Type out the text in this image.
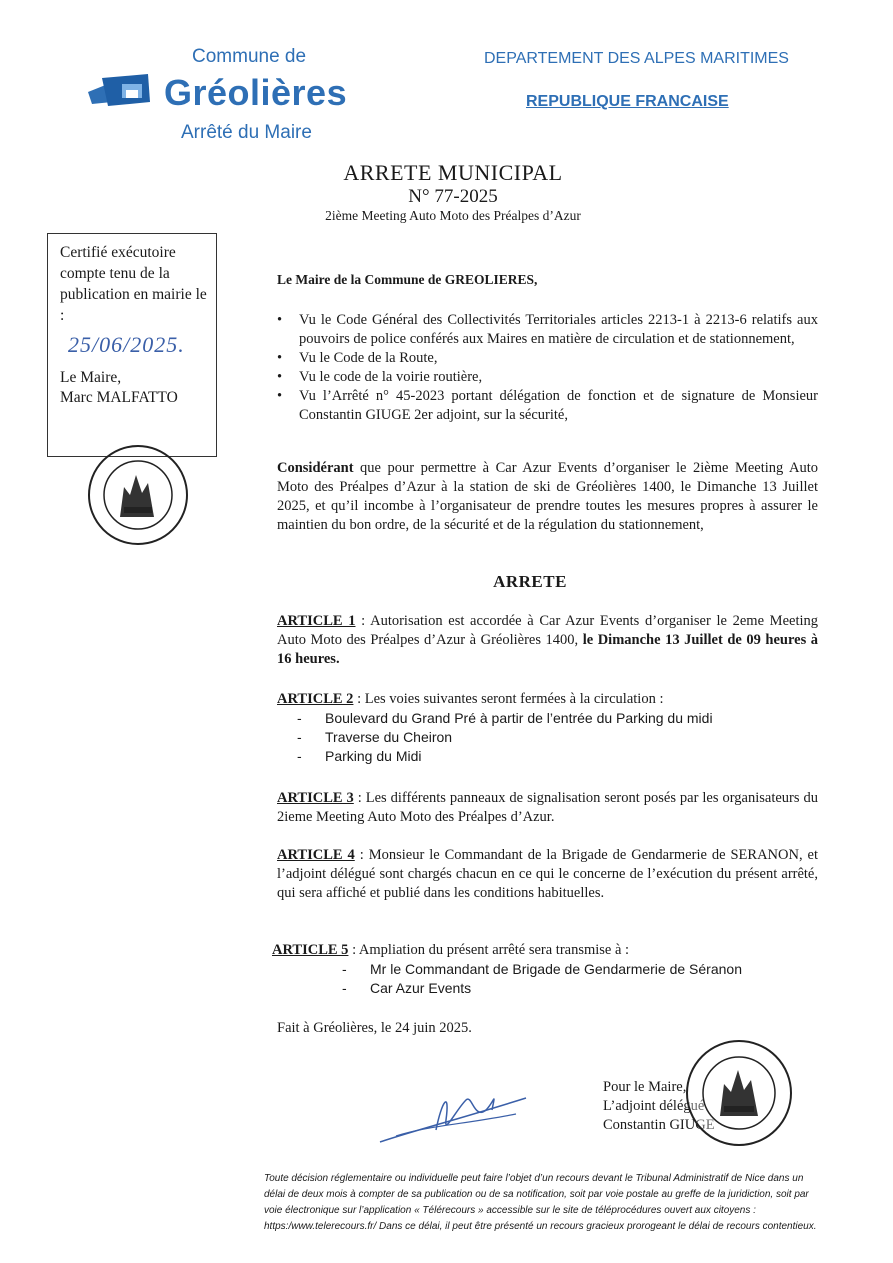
Commune de
Gréolières
Arrêté du Maire
DEPARTEMENT DES ALPES MARITIMES
REPUBLIQUE FRANCAISE
ARRETE MUNICIPAL
N° 77-2025
2ième Meeting Auto Moto des Préalpes d’Azur
Certifié exécutoire compte tenu de la publication en mairie le :
25/06/2025.
Le Maire,
Marc MALFATTO
Le Maire de la Commune de GREOLIERES,
• Vu le Code Général des Collectivités Territoriales articles 2213-1 à 2213-6 relatifs aux pouvoirs de police conférés aux Maires en matière de circulation et de stationnement,
• Vu le Code de la Route,
• Vu le code de la voirie routière,
• Vu l’Arrêté n° 45-2023 portant délégation de fonction et de signature de Monsieur Constantin GIUGE 2er adjoint, sur la sécurité,
Considérant que pour permettre à Car Azur Events d’organiser le 2ième Meeting Auto Moto des Préalpes d’Azur à la station de ski de Gréolières 1400, le Dimanche 13 Juillet 2025, et qu’il incombe à l’organisateur de prendre toutes les mesures propres à assurer le maintien du bon ordre, de la sécurité et de la régulation du stationnement,
ARRETE
ARTICLE 1 : Autorisation est accordée à Car Azur Events d’organiser le 2eme Meeting Auto Moto des Préalpes d’Azur à Gréolières 1400, le Dimanche 13 Juillet de 09 heures à 16 heures.
ARTICLE 2 : Les voies suivantes seront fermées à la circulation :
- Boulevard du Grand Pré à partir de l’entrée du Parking du midi
- Traverse du Cheiron
- Parking du Midi
ARTICLE 3 : Les différents panneaux de signalisation seront posés par les organisateurs du 2ieme Meeting Auto Moto des Préalpes d’Azur.
ARTICLE 4 : Monsieur le Commandant de la Brigade de Gendarmerie de SERANON, et l’adjoint délégué sont chargés chacun en ce qui le concerne de l’exécution du présent arrêté, qui sera affiché et publié dans les conditions habituelles.
ARTICLE 5 : Ampliation du présent arrêté sera transmise à :
- Mr le Commandant de Brigade de Gendarmerie de Séranon
- Car Azur Events
Fait à Gréolières, le 24 juin 2025.
Pour le Maire,
L’adjoint délégué
Constantin GIUGE
Toute décision réglementaire ou individuelle peut faire l’objet d’un recours devant le Tribunal Administratif de Nice dans un délai de deux mois à compter de sa publication ou de sa notification, soit par voie postale au greffe de la juridiction, soit par voie électronique sur l’application « Télérecours » accessible sur le site de téléprocédures ouvert aux citoyens : https:/www.telerecours.fr/ Dans ce délai, il peut être présenté un recours gracieux prorogeant le délai de recours contentieux.
